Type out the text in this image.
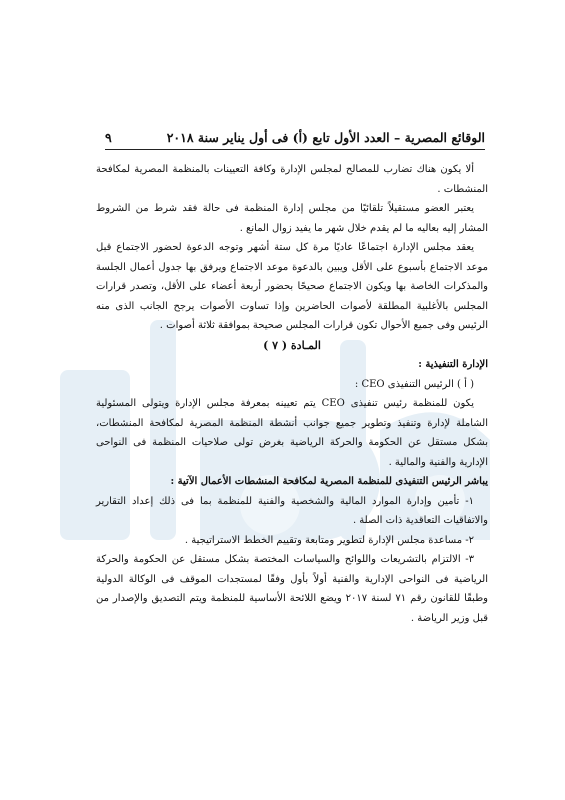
الوقائع المصرية – العدد الأول تابع (أ) فى أول يناير سنة ٢٠١٨
٩

ألا يكون هناك تضارب للمصالح لمجلس الإدارة وكافة التعيينات بالمنظمة المصرية لمكافحة المنشطات .

يعتبر العضو مستقيلاً تلقائيًا من مجلس إدارة المنظمة فى حالة فقد شرط من الشروط المشار إليه بعاليه ما لم يقدم خلال شهر ما يفيد زوال المانع .

يعقد مجلس الإدارة اجتماعًا عاديًا مرة كل ستة أشهر وتوجه الدعوة لحضور الاجتماع قبل موعد الاجتماع بأسبوع على الأقل ويبين بالدعوة موعد الاجتماع ويرفق بها جدول أعمال الجلسة والمذكرات الخاصة بها ويكون الاجتماع صحيحًا بحضور أربعة أعضاء على الأقل، وتصدر قرارات المجلس بالأغلبية المطلقة لأصوات الحاضرين وإذا تساوت الأصوات يرجح الجانب الذى منه الرئيس وفى جميع الأحوال تكون قرارات المجلس صحيحة بموافقة ثلاثة أصوات .

المـادة ( ٧ )

الإدارة التنفيذية :

( أ ) الرئيس التنفيذى CEO :

يكون للمنظمة رئيس تنفيذى CEO يتم تعيينه بمعرفة مجلس الإدارة ويتولى المسئولية الشاملة لإدارة وتنفيذ وتطوير جميع جوانب أنشطة المنظمة المصرية لمكافحة المنشطات، بشكل مستقل عن الحكومة والحركة الرياضية بغرض تولى صلاحيات المنظمة فى النواحى الإدارية والفنية والمالية .

يباشر الرئيس التنفيذى للمنظمة المصرية لمكافحة المنشطات الأعمال الآتية :

١- تأمين وإدارة الموارد المالية والشخصية والفنية للمنظمة بما فى ذلك إعداد التقارير والاتفاقيات التعاقدية ذات الصلة .

٢- مساعدة مجلس الإدارة لتطوير ومتابعة وتقييم الخطط الاستراتيجية .

٣- الالتزام بالتشريعات واللوائح والسياسات المختصة بشكل مستقل عن الحكومة والحركة الرياضية فى النواحى الإدارية والفنية أولاً بأول وفقًا لمستجدات الموقف فى الوكالة الدولية وطبقًا للقانون رقم ٧١ لسنة ٢٠١٧ ويضع اللائحة الأساسية للمنظمة ويتم التصديق والإصدار من قبل وزير الرياضة .
